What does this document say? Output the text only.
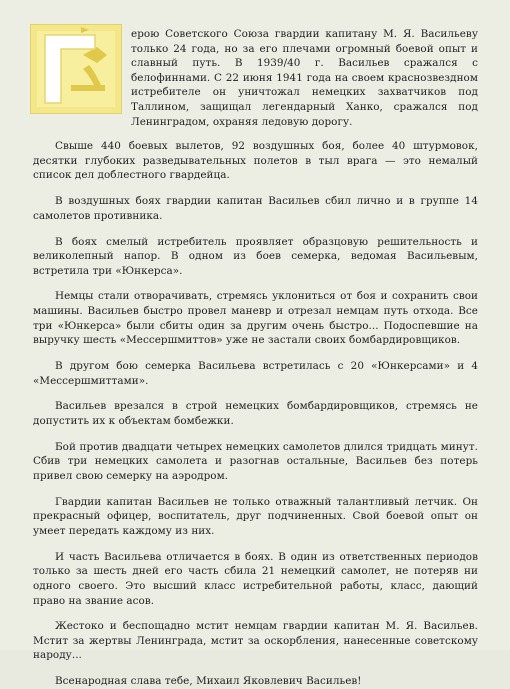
ерою Советского Союза гвардии капитану М. Я. Васильеву только 24 года, но за его плечами огромный боевой опыт и славный путь. В 1939/40 г. Васильев сражался с белофиннами. С 22 июня 1941 года на своем краснозвездном истребителе он уничтожал немецких захватчиков под Таллином, защищал легендарный Ханко, сражался под Ленинградом, охраняя ледовую дорогу.
Свыше 440 боевых вылетов, 92 воздушных боя, более 40 штурмовок, десятки глубоких разведывательных полетов в тыл врага — это немалый список дел доблестного гвардейца.
В воздушных боях гвардии капитан Васильев сбил лично и в группе 14 самолетов противника.
В боях смелый истребитель проявляет образцовую решительность и великолепный напор. В одном из боев семерка, ведомая Васильевым, встретила три «Юнкерса».
Немцы стали отворачивать, стремясь уклониться от боя и сохранить свои машины. Васильев быстро провел маневр и отрезал немцам путь отхода. Все три «Юнкерса» были сбиты один за другим очень быстро... Подоспевшие на выручку шесть «Мессершмиттов» уже не застали своих бомбардировщиков.
В другом бою семерка Васильева встретилась с 20 «Юнкерсами» и 4 «Мессершмиттами».
Васильев врезался в строй немецких бомбардировщиков, стремясь не допустить их к объектам бомбежки.
Бой против двадцати четырех немецких самолетов длился тридцать минут. Сбив три немецких самолета и разогнав остальные, Васильев без потерь привел свою семерку на аэродром.
Гвардии капитан Васильев не только отважный талантливый летчик. Он прекрасный офицер, воспитатель, друг подчиненных. Свой боевой опыт он умеет передать каждому из них.
И часть Васильева отличается в боях. В один из ответственных периодов только за шесть дней его часть сбила 21 немецкий самолет, не потеряв ни одного своего. Это высший класс истребительной работы, класс, дающий право на звание асов.
Жестоко и беспощадно мстит немцам гвардии капитан М. Я. Васильев. Мстит за жертвы Ленинграда, мстит за оскорбления, нанесенные советскому народу...
Всенародная слава тебе, Михаил Яковлевич Васильев!
